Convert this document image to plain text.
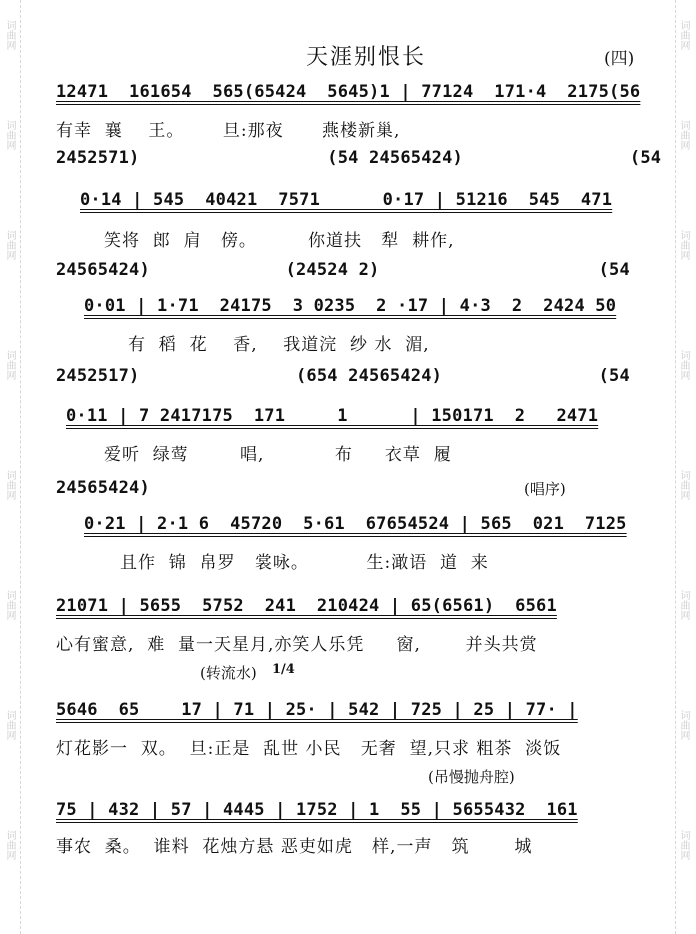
词曲网
词曲网
词曲网
词曲网
词曲网
词曲网
词曲网
词曲网
词曲网
词曲网
词曲网
词曲网
词曲网
词曲网
词曲网
词曲网
天涯别恨长	(四)
12471  161654  565(65424  5645)1 | 77124  171·4  2175(56
有幸  襄    王。      旦:那夜      燕楼新巢,
2452571)                  (54 24565424)                (54
0·14 | 545  40421  7571      0·17 | 51216  545  471
笑将  郎  肩   傍。        你道扶   犁  耕作,
24565424)             (24524 2)                     (54
0·01 | 1·71  24175  3 0235  2 ·17 | 4·3  2  2424 50
有  稻  花    香,    我道浣  纱 水  湄,
2452517)               (654 24565424)               (54
0·11 | 7 2417175  171     1      | 150171  2   2471
爱听  绿莺        唱,           布     衣草  履
24565424)	(唱序)
0·21 | 2·1 6  45720  5·61  67654524 | 565  021  7125
且作  锦  帛罗   裳咏。         生:澉语  道  来
21071 | 5655  5752  241  210424 | 65(6561)  6561
心有蜜意,  难  量一天星月,亦笑人乐凭     窗,       并头共赏
(转流水) 1/4
5646  65    17 | 71 | 25· | 542 | 725 | 25 | 77· |
灯花影一  双。  旦:正是  乱世 小民   无奢  望,只求 粗茶  淡饭
(吊慢抛舟腔)
75 | 432 | 57 | 4445 | 1752 | 1  55 | 5655432  161
事农  桑。  谁料  花烛方悬 恶吏如虎   样,一声   筑       城
